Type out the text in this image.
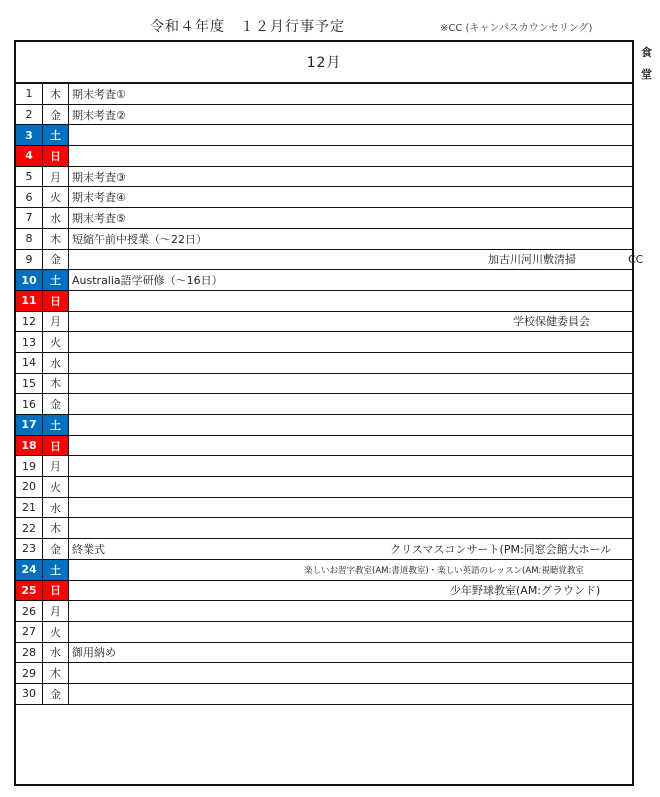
令和４年度　１２月行事予定	※CC (キャンパスカウンセリング)
食
堂
12月
1	木	期末考査①
2	金	期末考査②
3	土
4	日
5	月	期末考査③
6	火	期末考査④
7	水	期末考査⑤
8	木	短縮午前中授業（～22日）
9	金	加古川河川敷清掃	CC
10	土	Australia語学研修（～16日）
11	日
12	月	学校保健委員会
13	火
14	水
15	木
16	金
17	土
18	日
19	月
20	火
21	水
22	木
23	金	終業式	クリスマスコンサート(PM:同窓会館大ホール
24	土	楽しいお習字教室(AM:書道教室)・楽しい英語のレッスン(AM:視聴覚教室
25	日	少年野球教室(AM:グラウンド)
26	月
27	火
28	水	御用納め
29	木
30	金
